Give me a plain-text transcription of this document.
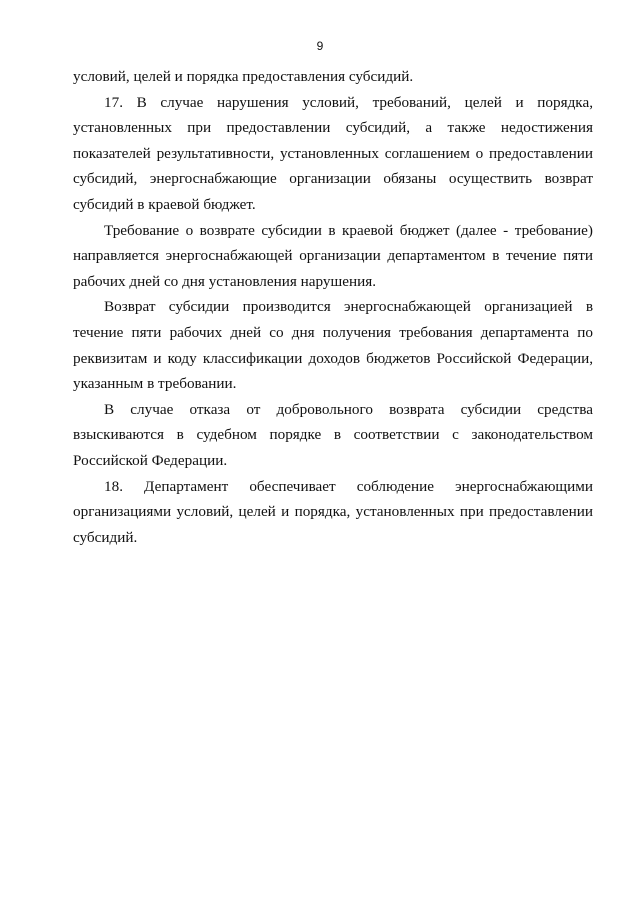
9

условий, целей и порядка предоставления субсидий.

17. В случае нарушения условий, требований, целей и порядка, установленных при предоставлении субсидий, а также недостижения показателей результативности, установленных соглашением о предоставлении субсидий, энергоснабжающие организации обязаны осуществить возврат субсидий в краевой бюджет.

Требование о возврате субсидии в краевой бюджет (далее - требование) направляется энергоснабжающей организации департаментом в течение пяти рабочих дней со дня установления нарушения.

Возврат субсидии производится энергоснабжающей организацией в течение пяти рабочих дней со дня получения требования департамента по реквизитам и коду классификации доходов бюджетов Российской Федерации, указанным в требовании.

В случае отказа от добровольного возврата субсидии средства взыскиваются в судебном порядке в соответствии с законодательством Российской Федерации.

18. Департамент обеспечивает соблюдение энергоснабжающими организациями условий, целей и порядка, установленных при предоставлении субсидий.
